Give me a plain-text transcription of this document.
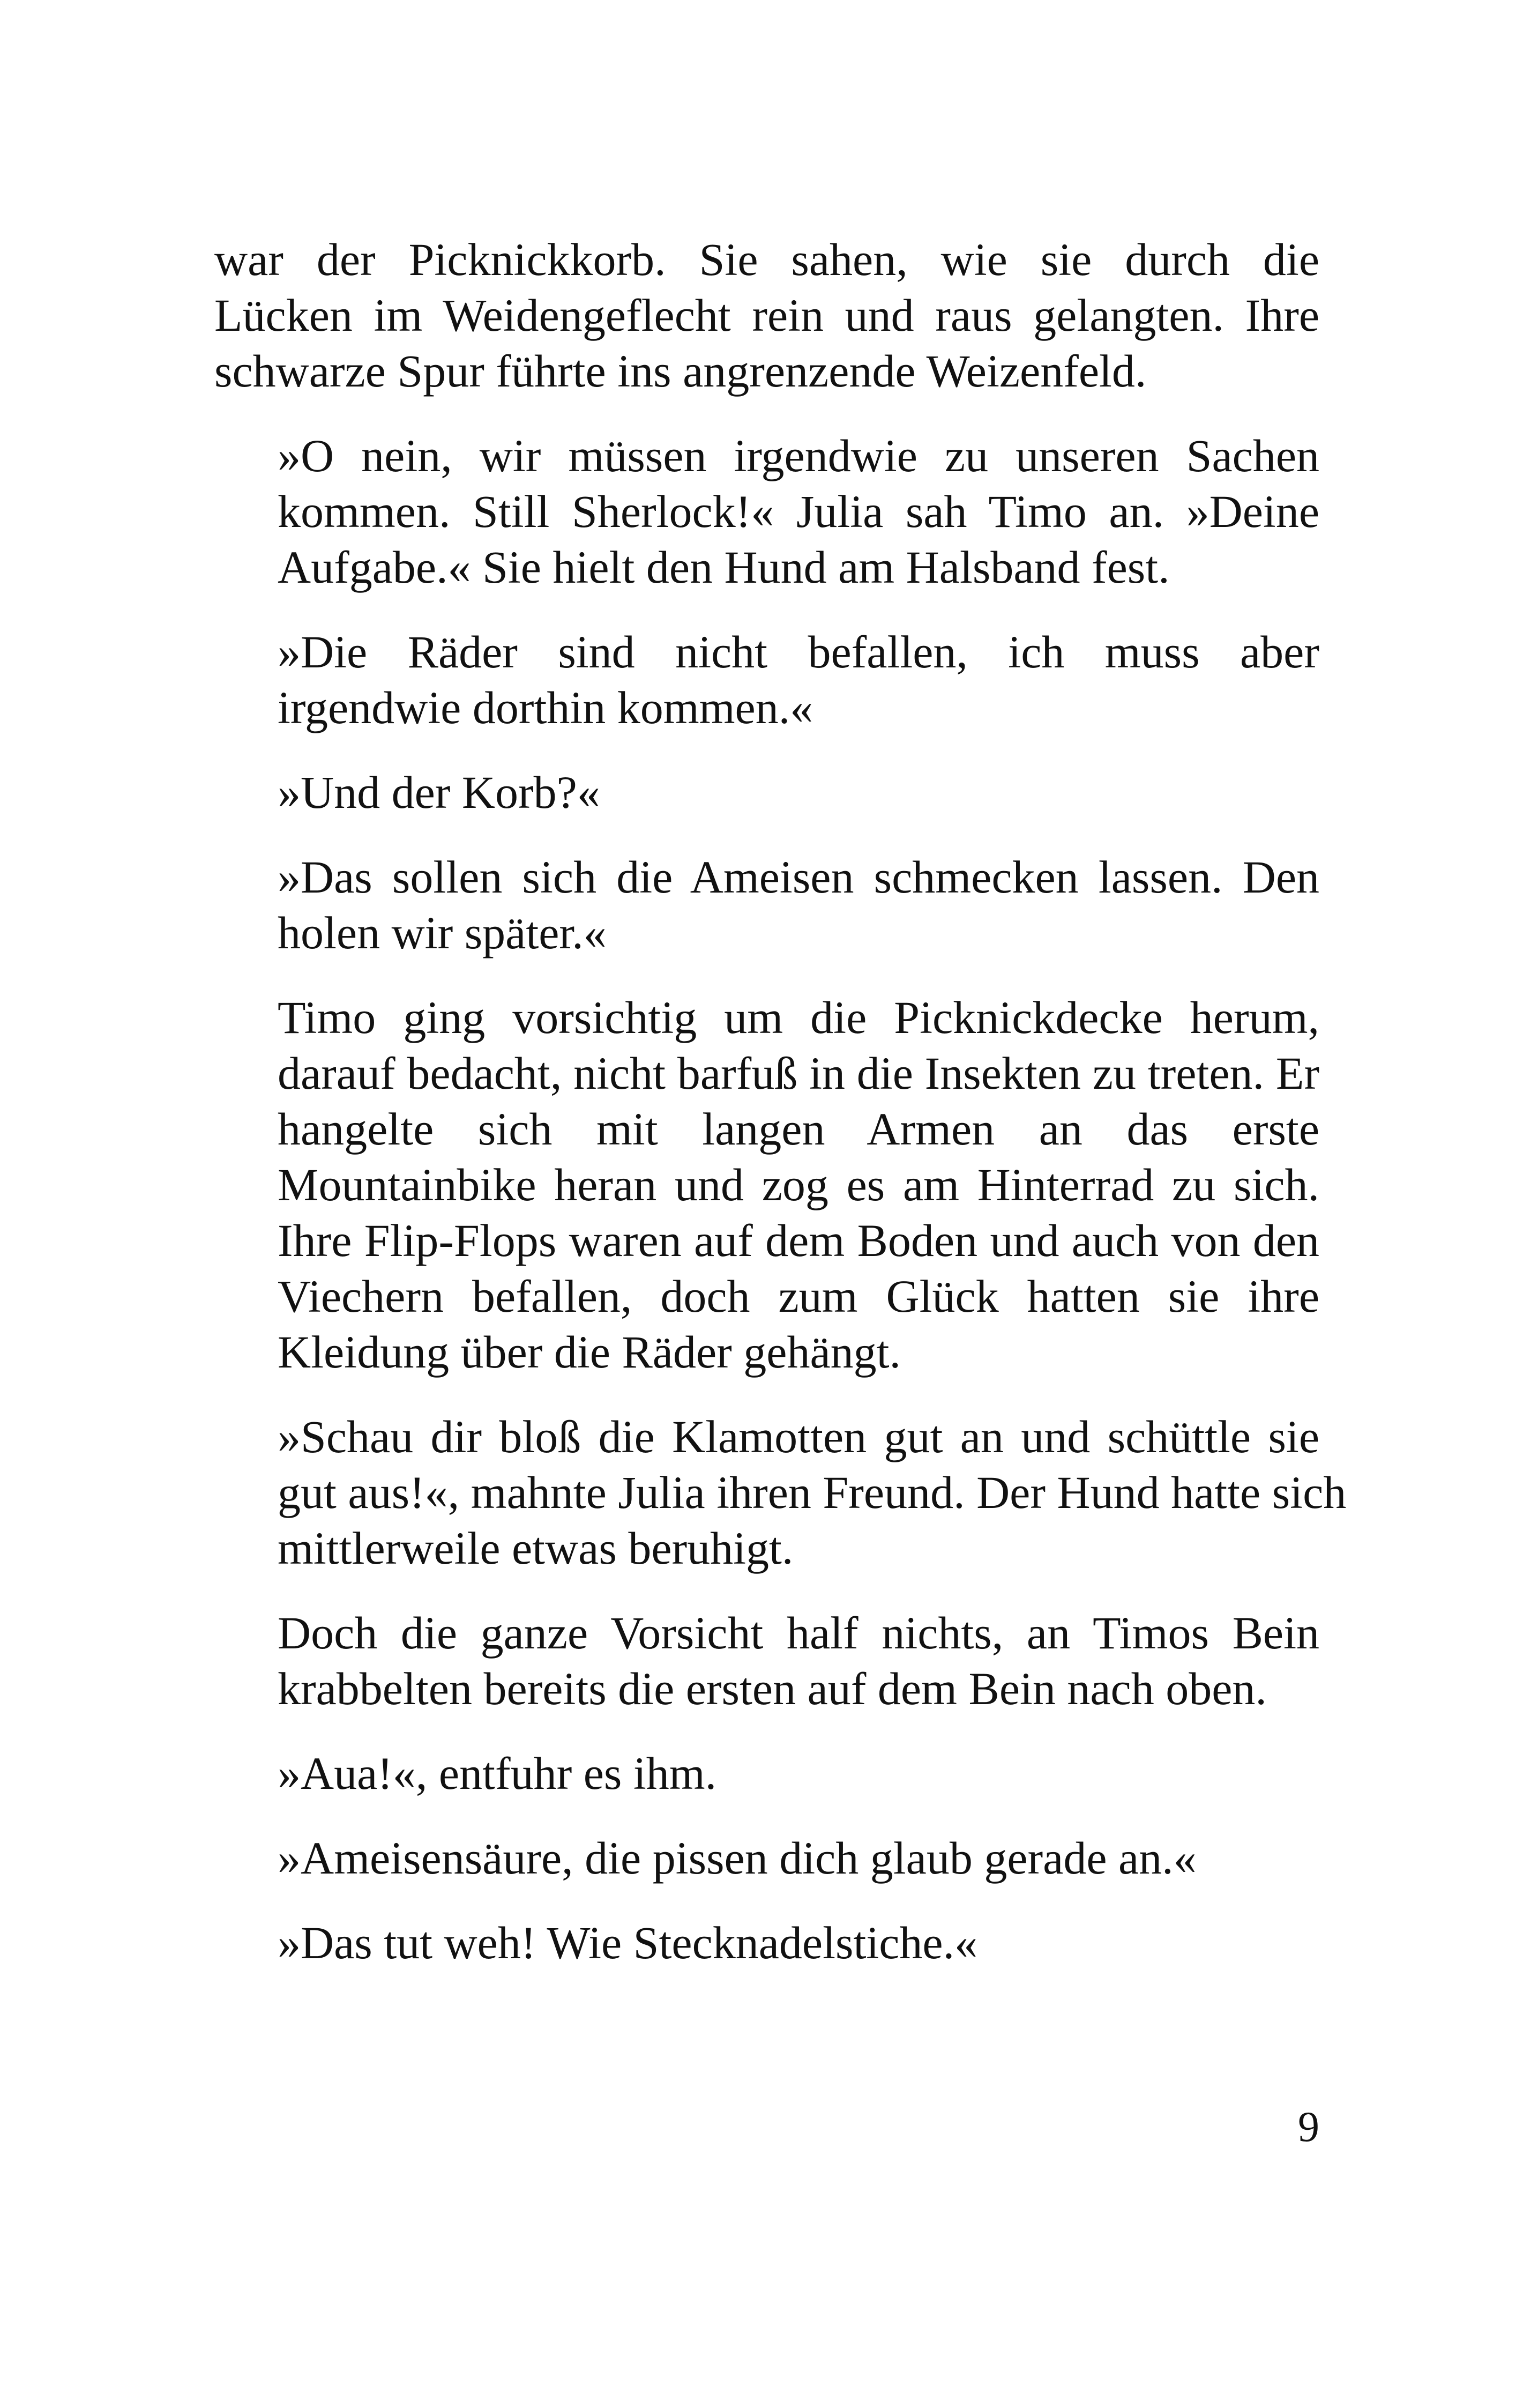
war der Picknickkorb. Sie sahen, wie sie durch die
Lücken im Weidengeflecht rein und raus gelangten. Ihre
schwarze Spur führte ins angrenzende Weizenfeld.

»O nein, wir müssen irgendwie zu unseren Sachen
kommen. Still Sherlock!« Julia sah Timo an. »Deine
Aufgabe.« Sie hielt den Hund am Halsband fest.

»Die Räder sind nicht befallen, ich muss aber
irgendwie dorthin kommen.«

»Und der Korb?«

»Das sollen sich die Ameisen schmecken lassen. Den
holen wir später.«

Timo ging vorsichtig um die Picknickdecke herum,
darauf bedacht, nicht barfuß in die Insekten zu treten. Er
hangelte sich mit langen Armen an das erste
Mountainbike heran und zog es am Hinterrad zu sich.
Ihre Flip-Flops waren auf dem Boden und auch von den
Viechern befallen, doch zum Glück hatten sie ihre
Kleidung über die Räder gehängt.

»Schau dir bloß die Klamotten gut an und schüttle sie
gut aus!«, mahnte Julia ihren Freund. Der Hund hatte sich
mittlerweile etwas beruhigt.

Doch die ganze Vorsicht half nichts, an Timos Bein
krabbelten bereits die ersten auf dem Bein nach oben.

»Aua!«, entfuhr es ihm.

»Ameisensäure, die pissen dich glaub gerade an.«

»Das tut weh! Wie Stecknadelstiche.«

9
